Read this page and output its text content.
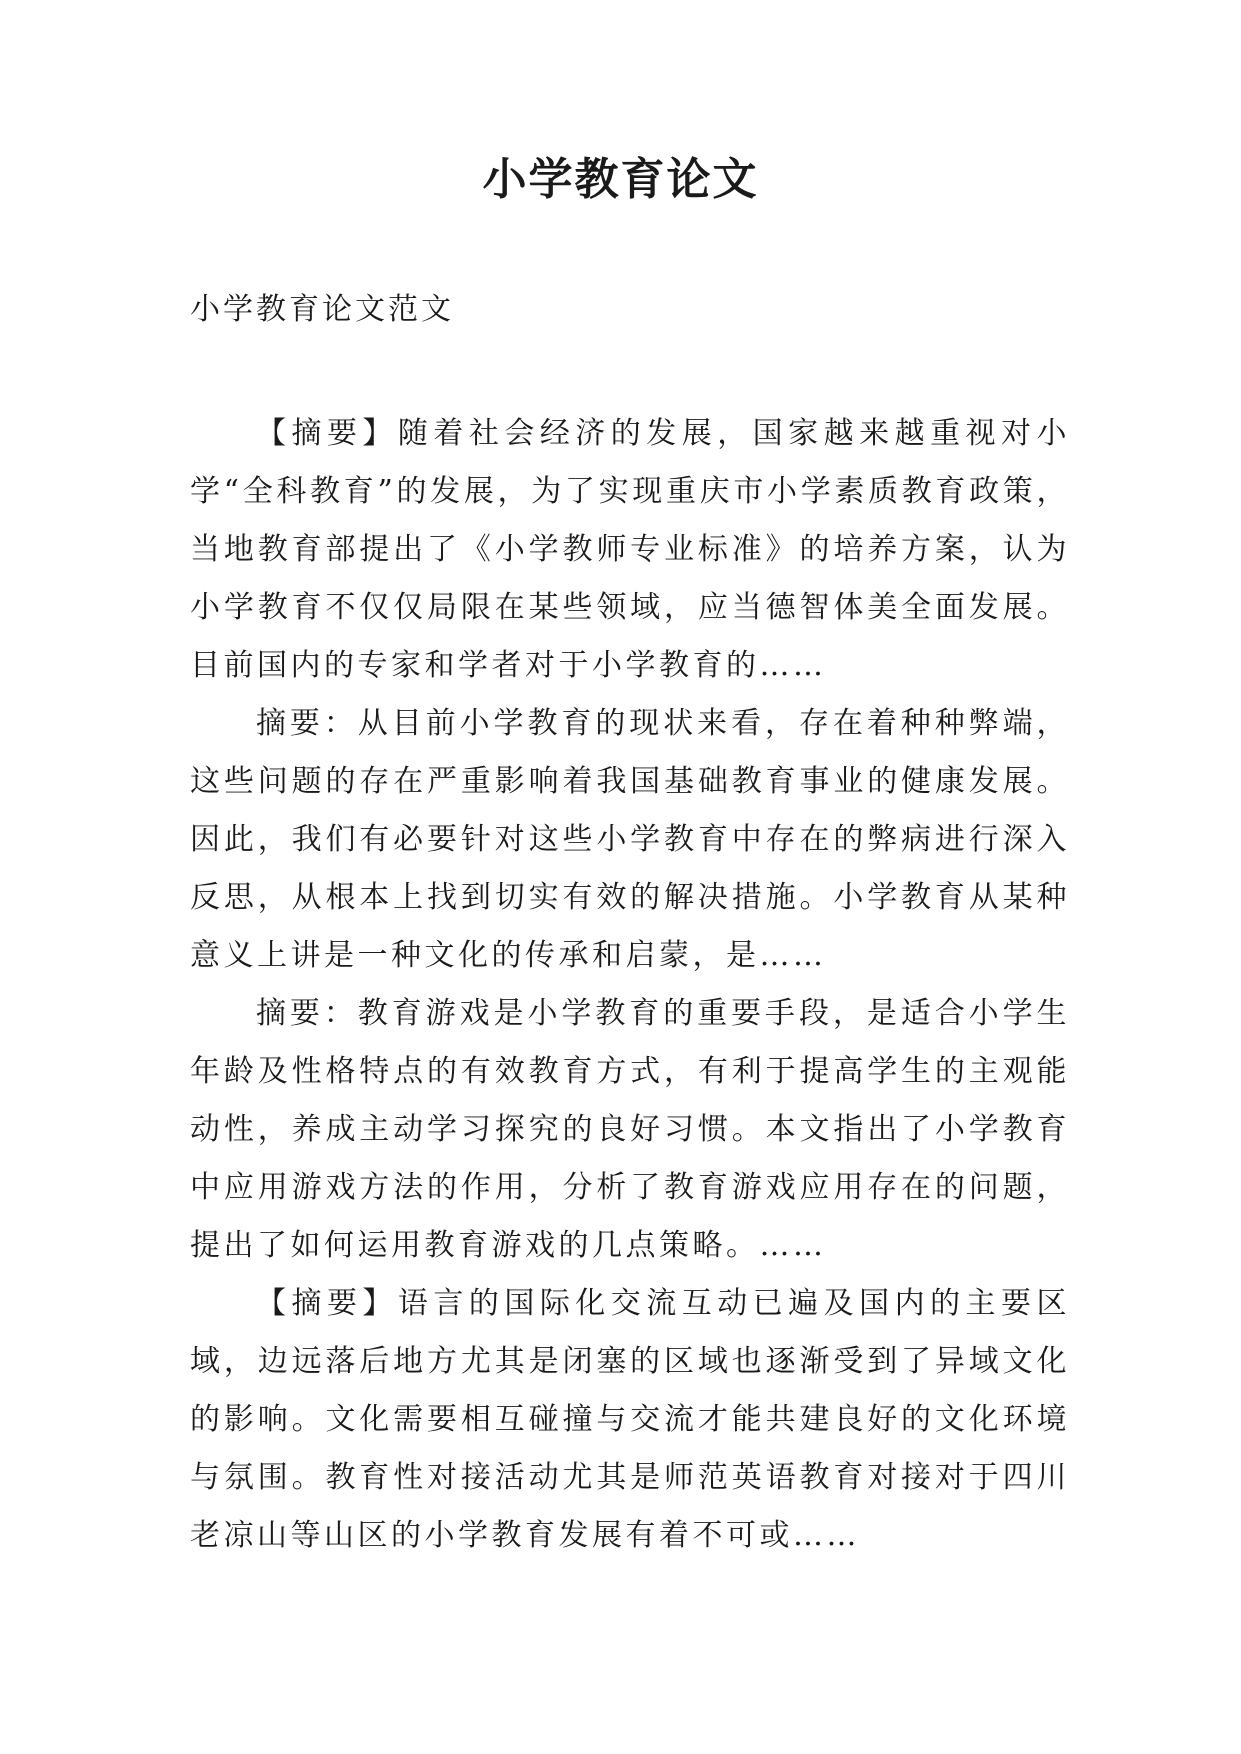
小学教育论文

小学教育论文范文

【摘要】随着社会经济的发展，国家越来越重视对小学“全科教育”的发展，为了实现重庆市小学素质教育政策，当地教育部提出了《小学教师专业标准》的培养方案，认为小学教育不仅仅局限在某些领域，应当德智体美全面发展。目前国内的专家和学者对于小学教育的……

摘要：从目前小学教育的现状来看，存在着种种弊端，这些问题的存在严重影响着我国基础教育事业的健康发展。因此，我们有必要针对这些小学教育中存在的弊病进行深入反思，从根本上找到切实有效的解决措施。小学教育从某种意义上讲是一种文化的传承和启蒙，是……

摘要：教育游戏是小学教育的重要手段，是适合小学生年龄及性格特点的有效教育方式，有利于提高学生的主观能动性，养成主动学习探究的良好习惯。本文指出了小学教育中应用游戏方法的作用，分析了教育游戏应用存在的问题，提出了如何运用教育游戏的几点策略。……

【摘要】语言的国际化交流互动已遍及国内的主要区域，边远落后地方尤其是闭塞的区域也逐渐受到了异域文化的影响。文化需要相互碰撞与交流才能共建良好的文化环境与氛围。教育性对接活动尤其是师范英语教育对接对于四川老凉山等山区的小学教育发展有着不可或……
